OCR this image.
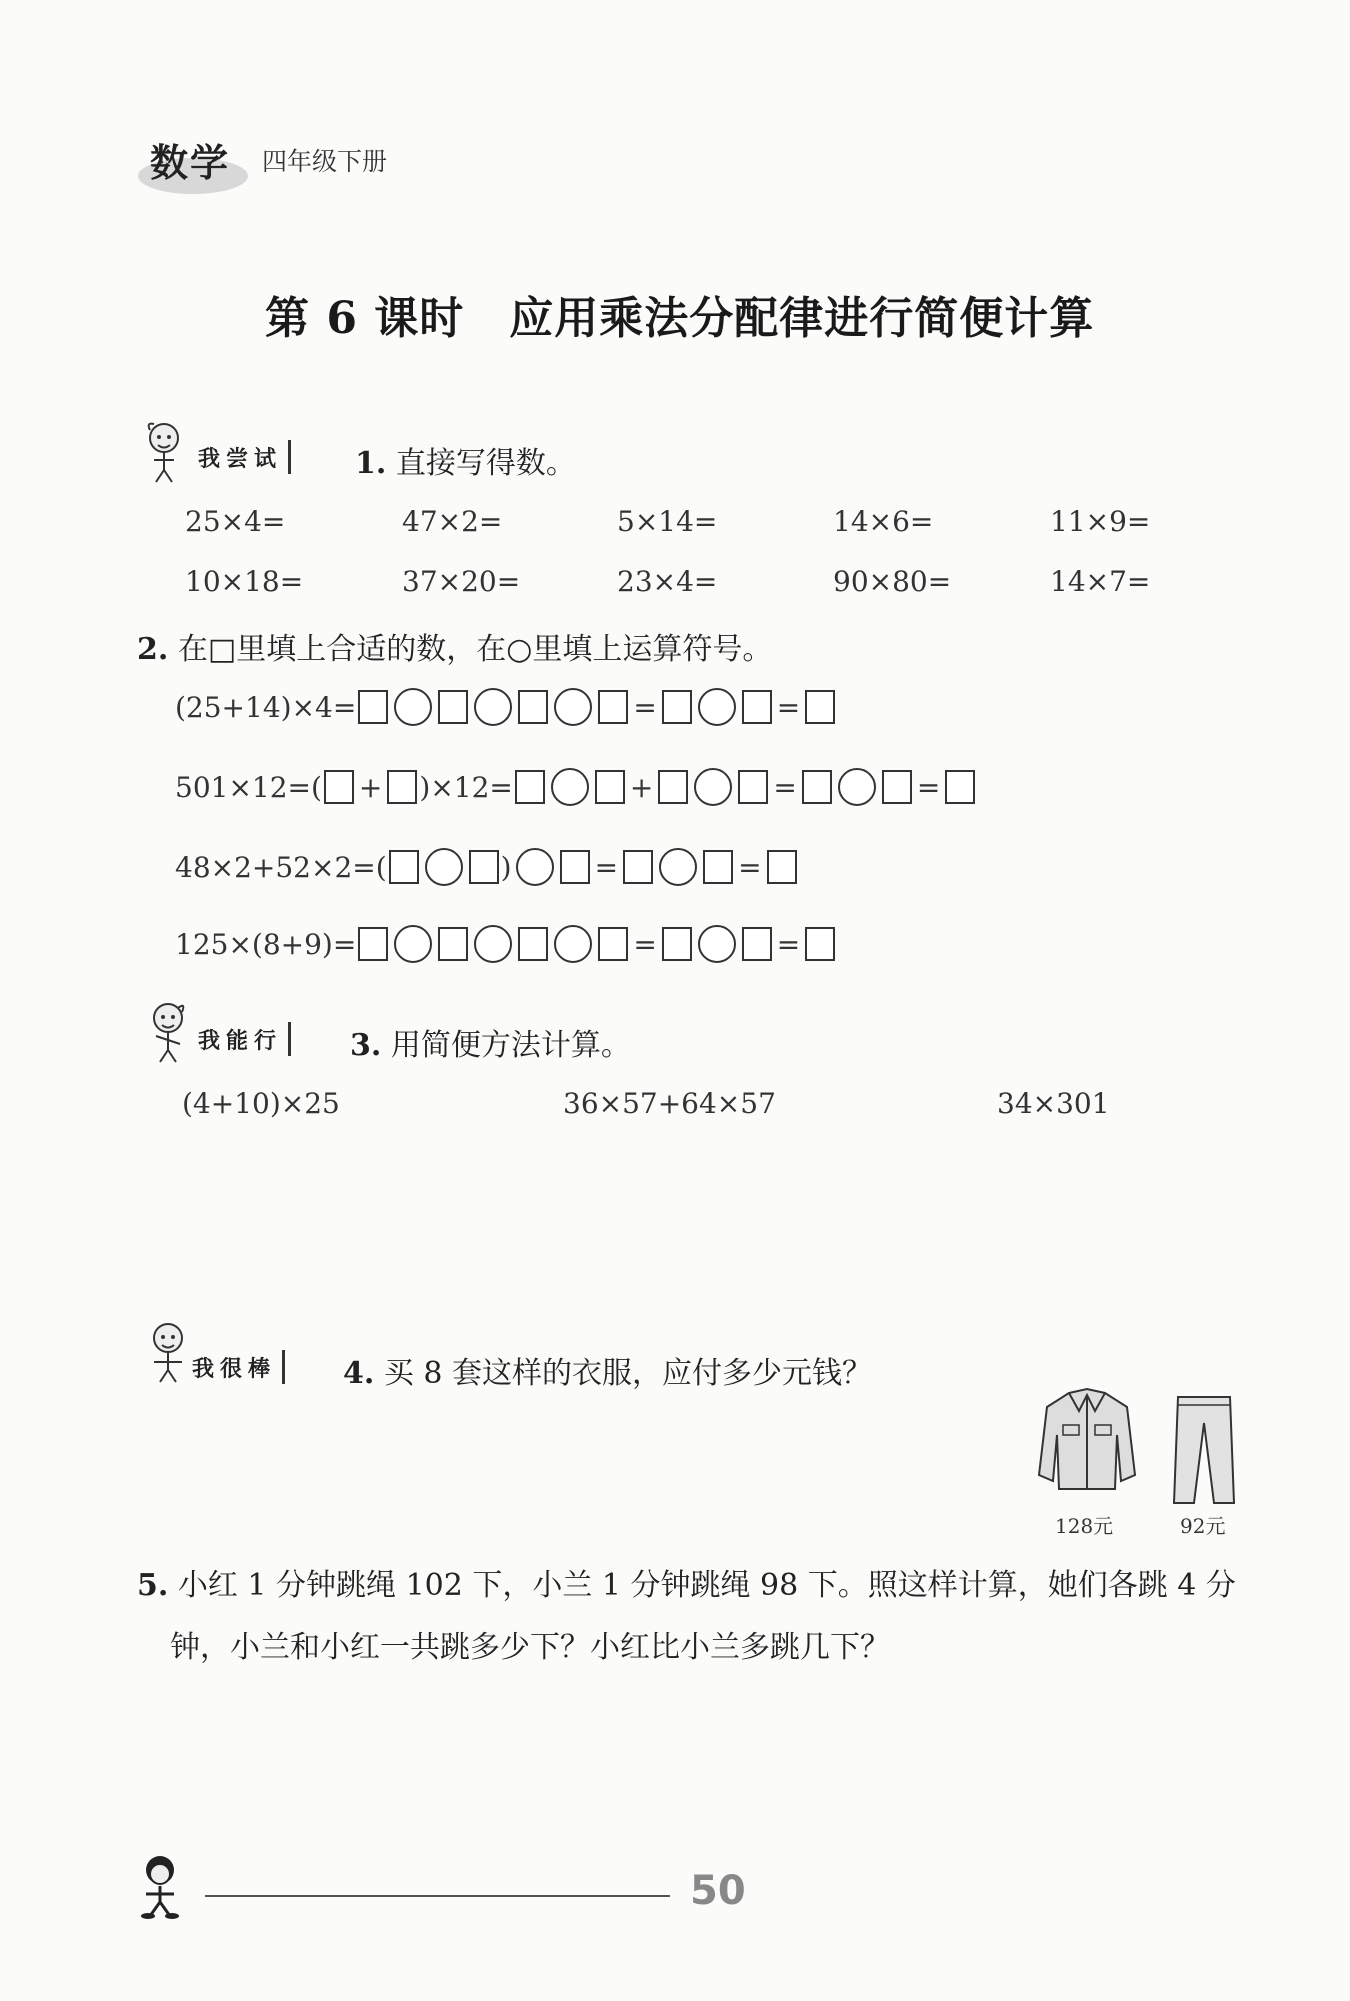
数学 四年级下册
第 6 课时　应用乘法分配律进行简便计算
我尝试	1. 直接写得数。
25×4=	47×2=	5×14=	14×6=	11×9=
10×18=	37×20=	23×4=	90×80=	14×7=
2. 在□里填上合适的数，在○里填上运算符号。
(25+14)×4=	=	=
501×12=( + )×12=	+	=	=
48×2+52×2=(	)	=	=
125×(8+9)=	=	=
我能行	3. 用简便方法计算。
(4+10)×25	36×57+64×57	34×301
我很棒	4. 买 8 套这样的衣服，应付多少元钱？
128元	92元
5. 小红 1 分钟跳绳 102 下，小兰 1 分钟跳绳 98 下。照这样计算，她们各跳 4 分
钟，小兰和小红一共跳多少下？小红比小兰多跳几下？
50
